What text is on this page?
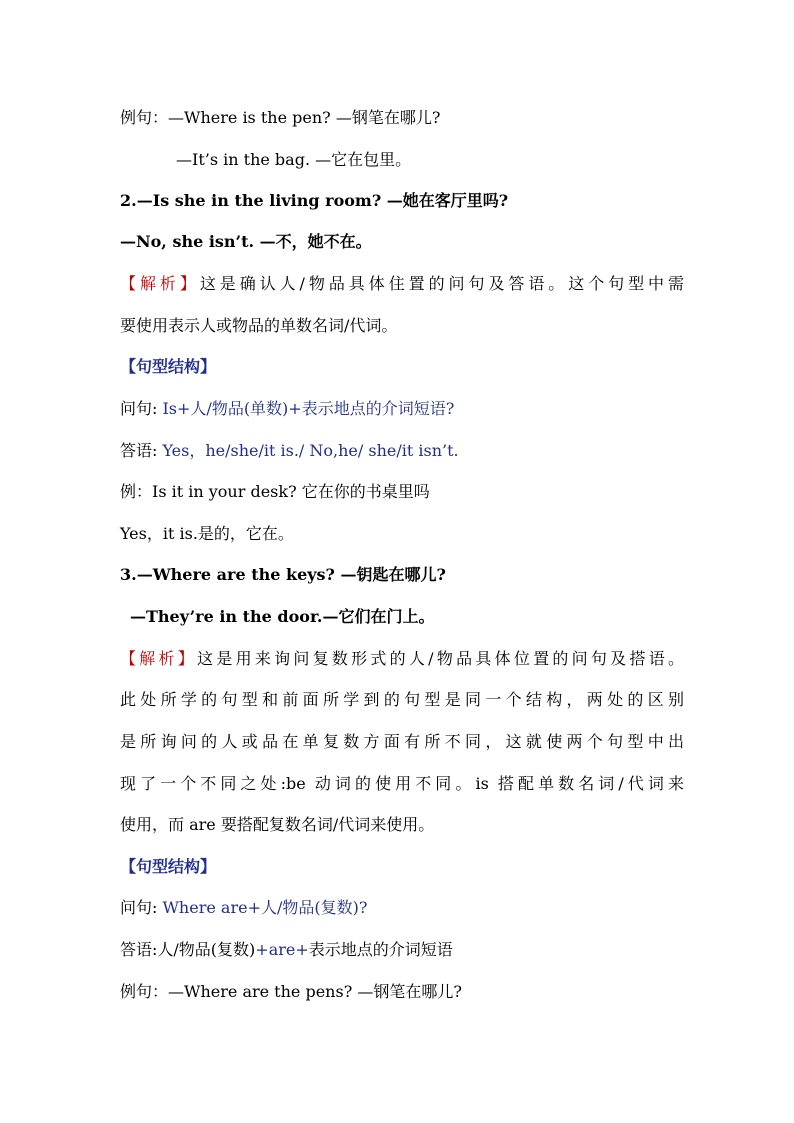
例句：—Where is the pen? —钢笔在哪儿?
—It’s in the bag. —它在包里。
2.—Is she in the living room? —她在客厅里吗?
—No, she isn’t. —不，她不在。
【解析】这是确认人/物品具体住置的问句及答语。这个句型中需
要使用表示人或物品的单数名词/代词。
【句型结构】
问句: Is+人/物品(单数)+表示地点的介词短语?
答语: Yes，he/she/it is./ No,he/ she/it isn’t.
例：Is it in your desk? 它在你的书桌里吗
Yes，it is.是的，它在。
3.—Where are the keys? —钥匙在哪儿?
—They’re in the door.—它们在门上。
【解析】这是用来询问复数形式的人/物品具体位置的问句及搭语。
此处所学的句型和前面所学到的句型是同一个结构，两处的区别
是所询问的人或品在单复数方面有所不同，这就使两个句型中出
现了一个不同之处:be 动词的使用不同。is 搭配单数名词/代词来
使用，而 are 要搭配复数名词/代词来使用。
【句型结构】
问句: Where are+人/物品(复数)?
答语:人/物品(复数)+are+表示地点的介词短语
例句：—Where are the pens? —钢笔在哪儿?
